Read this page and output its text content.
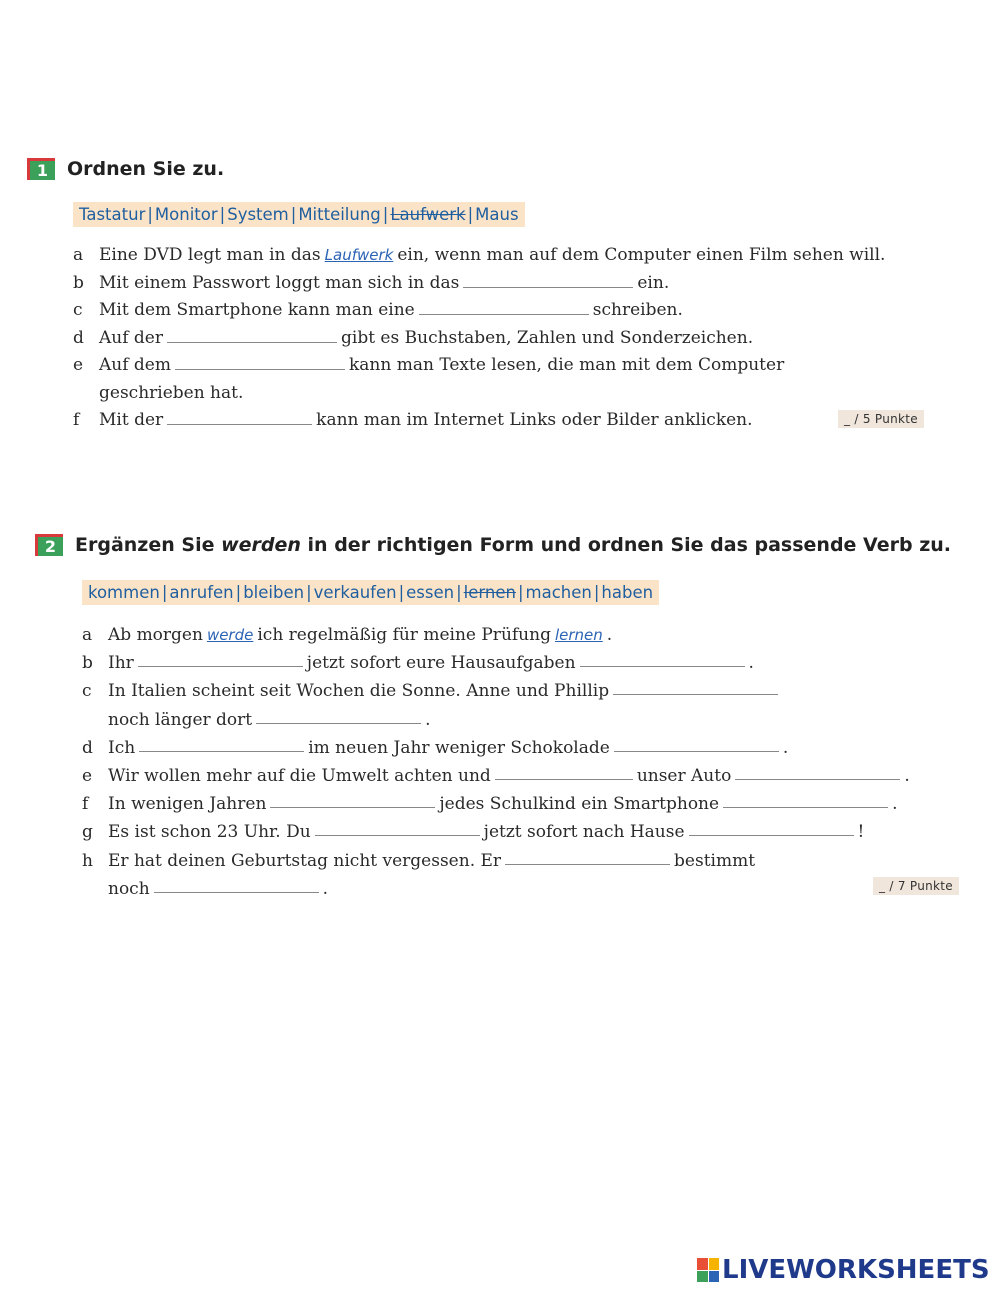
1 Ordnen Sie zu.
Tastatur | Monitor | System | Mitteilung | Laufwerk | Maus
a Eine DVD legt man in das Laufwerk ein, wenn man auf dem Computer einen Film sehen will.
b Mit einem Passwort loggt man sich in das	ein.
c Mit dem Smartphone kann man eine	schreiben.
d Auf der	gibt es Buchstaben, Zahlen und Sonderzeichen.
e Auf dem	kann man Texte lesen, die man mit dem Computer
geschrieben hat.
f	Mit der	kann man im Internet Links oder Bilder anklicken.	_ / 5 Punkte
2 Ergänzen Sie werden in der richtigen Form und ordnen Sie das passende Verb zu.
kommen | anrufen | bleiben | verkaufen | essen | lernen | machen | haben
a Ab morgen werde ich regelmäßig für meine Prüfung lernen .
b Ihr	jetzt sofort eure Hausaufgaben	.
c In Italien scheint seit Wochen die Sonne. Anne und Phillip
noch länger dort	.
d Ich	im neuen Jahr weniger Schokolade	.
e Wir wollen mehr auf die Umwelt achten und	unser Auto	.
f	In wenigen Jahren	jedes Schulkind ein Smartphone	.
g Es ist schon 23 Uhr. Du	jetzt sofort nach Hause	!
h Er hat deinen Geburtstag nicht vergessen. Er	bestimmt
noch	.	_ / 7 Punkte
LIVEWORKSHEETS
